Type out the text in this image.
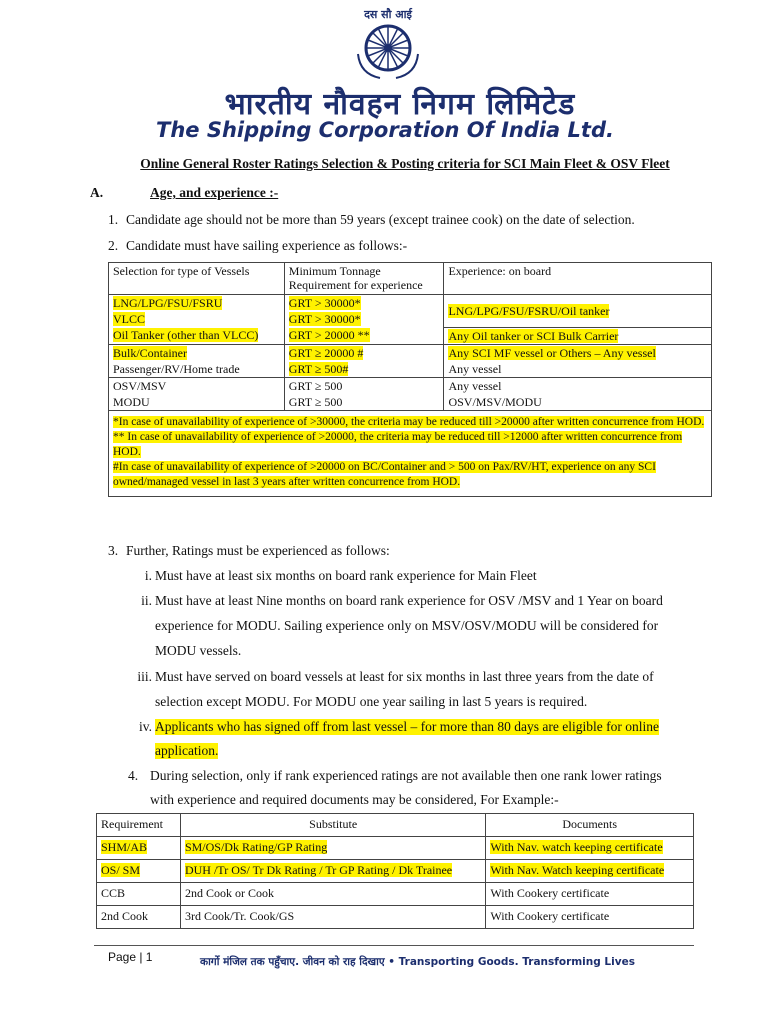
दस सौ आई
भारतीय नौवहन निगम लिमिटेड
The Shipping Corporation Of India Ltd.
Online General Roster Ratings Selection & Posting criteria for SCI Main Fleet & OSV Fleet
A.	Age, and experience :-
1. Candidate age should not be more than 59 years (except trainee cook) on the date of selection.
2. Candidate must have sailing experience as follows:-
Selection for type of Vessels	Minimum Tonnage Requirement for experience	Experience: on board
LNG/LPG/FSU/FSRU	GRT > 30000*	LNG/LPG/FSU/FSRU/Oil tanker
VLCC	GRT > 30000*	
Oil Tanker (other than VLCC)	GRT > 20000 **	Any Oil tanker or SCI Bulk Carrier
Bulk/Container	GRT ≥ 20000 #	Any SCI MF vessel or Others – Any vessel
Passenger/RV/Home trade	GRT ≥ 500#	Any vessel
OSV/MSV	GRT ≥ 500	Any vessel
MODU	GRT ≥ 500	OSV/MSV/MODU
*In case of unavailability of experience of >30000, the criteria may be reduced till >20000 after written concurrence from HOD.
** In case of unavailability of experience of >20000, the criteria may be reduced till >12000 after written concurrence from HOD.
#In case of unavailability of experience of >20000 on BC/Container and > 500 on Pax/RV/HT, experience on any SCI owned/managed vessel in last 3 years after written concurrence from HOD.		
3. Further, Ratings must be experienced as follows:
i. Must have at least six months on board rank experience for Main Fleet
ii. Must have at least Nine months on board rank experience for OSV /MSV and 1 Year on board
experience for MODU. Sailing experience only on MSV/OSV/MODU will be considered for
MODU vessels.
iii. Must have served on board vessels at least for six months in last three years from the date of
selection except MODU. For MODU one year sailing in last 5 years is required.
iv. Applicants who has signed off from last vessel – for more than 80 days are eligible for online
application.
4. During selection, only if rank experienced ratings are not available then one rank lower ratings
with experience and required documents may be considered, For Example:-
Requirement	Substitute	Documents
SHM/AB	SM/OS/Dk Rating/GP Rating	With Nav. watch keeping certificate
OS/ SM	DUH /Tr OS/ Tr Dk Rating / Tr GP Rating / Dk Trainee	With Nav. Watch keeping certificate
CCB	2nd Cook or Cook	With Cookery certificate
2nd Cook	3rd Cook/Tr. Cook/GS	With Cookery certificate
Page | 1	कार्गो मंजिल तक पहुँचाए. जीवन को राह दिखाए • Transporting Goods. Transforming Lives
